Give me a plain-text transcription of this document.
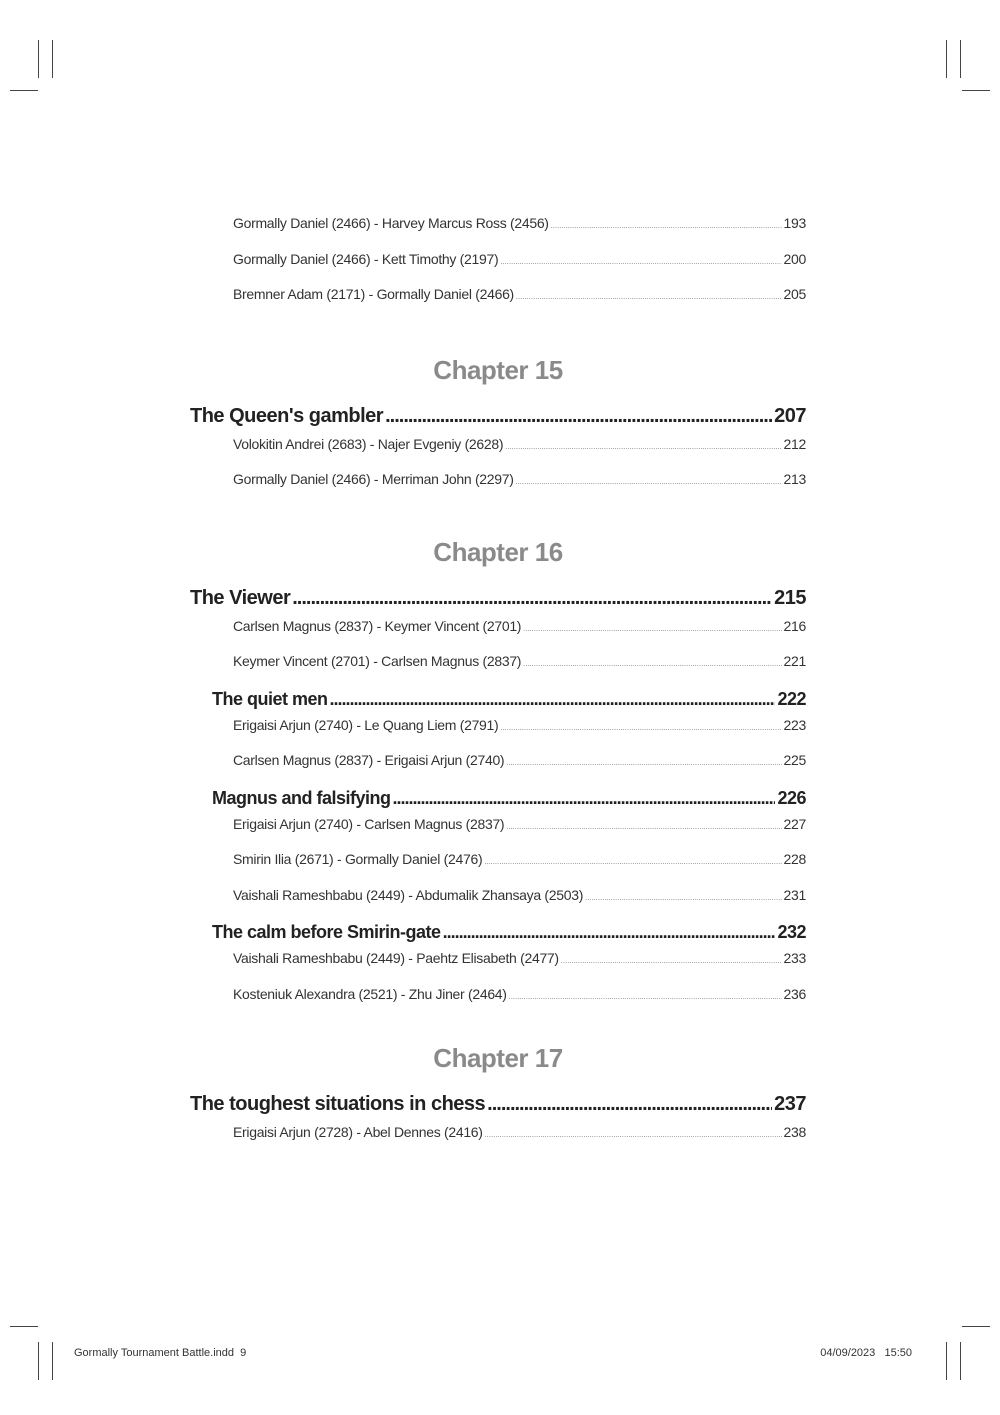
Gormally Daniel (2466) - Harvey Marcus Ross (2456) .....	193
Gormally Daniel (2466) - Kett Timothy (2197) .....	200
Bremner Adam (2171) - Gormally Daniel (2466) .....	205
Chapter 15
The Queen's gambler .....	207
Volokitin Andrei (2683) - Najer Evgeniy (2628) .....	212
Gormally Daniel (2466) - Merriman John (2297) .....	213
Chapter 16
The Viewer .....	215
Carlsen Magnus (2837) - Keymer Vincent (2701) .....	216
Keymer Vincent (2701) - Carlsen Magnus (2837) .....	221
The quiet men .....	222
Erigaisi Arjun (2740) - Le Quang Liem (2791) .....	223
Carlsen Magnus (2837) - Erigaisi Arjun (2740) .....	225
Magnus and falsifying .....	226
Erigaisi Arjun (2740) - Carlsen Magnus (2837) .....	227
Smirin Ilia (2671) - Gormally Daniel (2476) .....	228
Vaishali Rameshbabu (2449) - Abdumalik Zhansaya (2503) .....	231
The calm before Smirin-gate .....	232
Vaishali Rameshbabu (2449) - Paehtz Elisabeth (2477) .....	233
Kosteniuk Alexandra (2521) - Zhu Jiner (2464) .....	236
Chapter 17
The toughest situations in chess .....	237
Erigaisi Arjun (2728) - Abel Dennes (2416) .....	238
Gormally Tournament Battle.indd 9	04/09/2023 15:50
